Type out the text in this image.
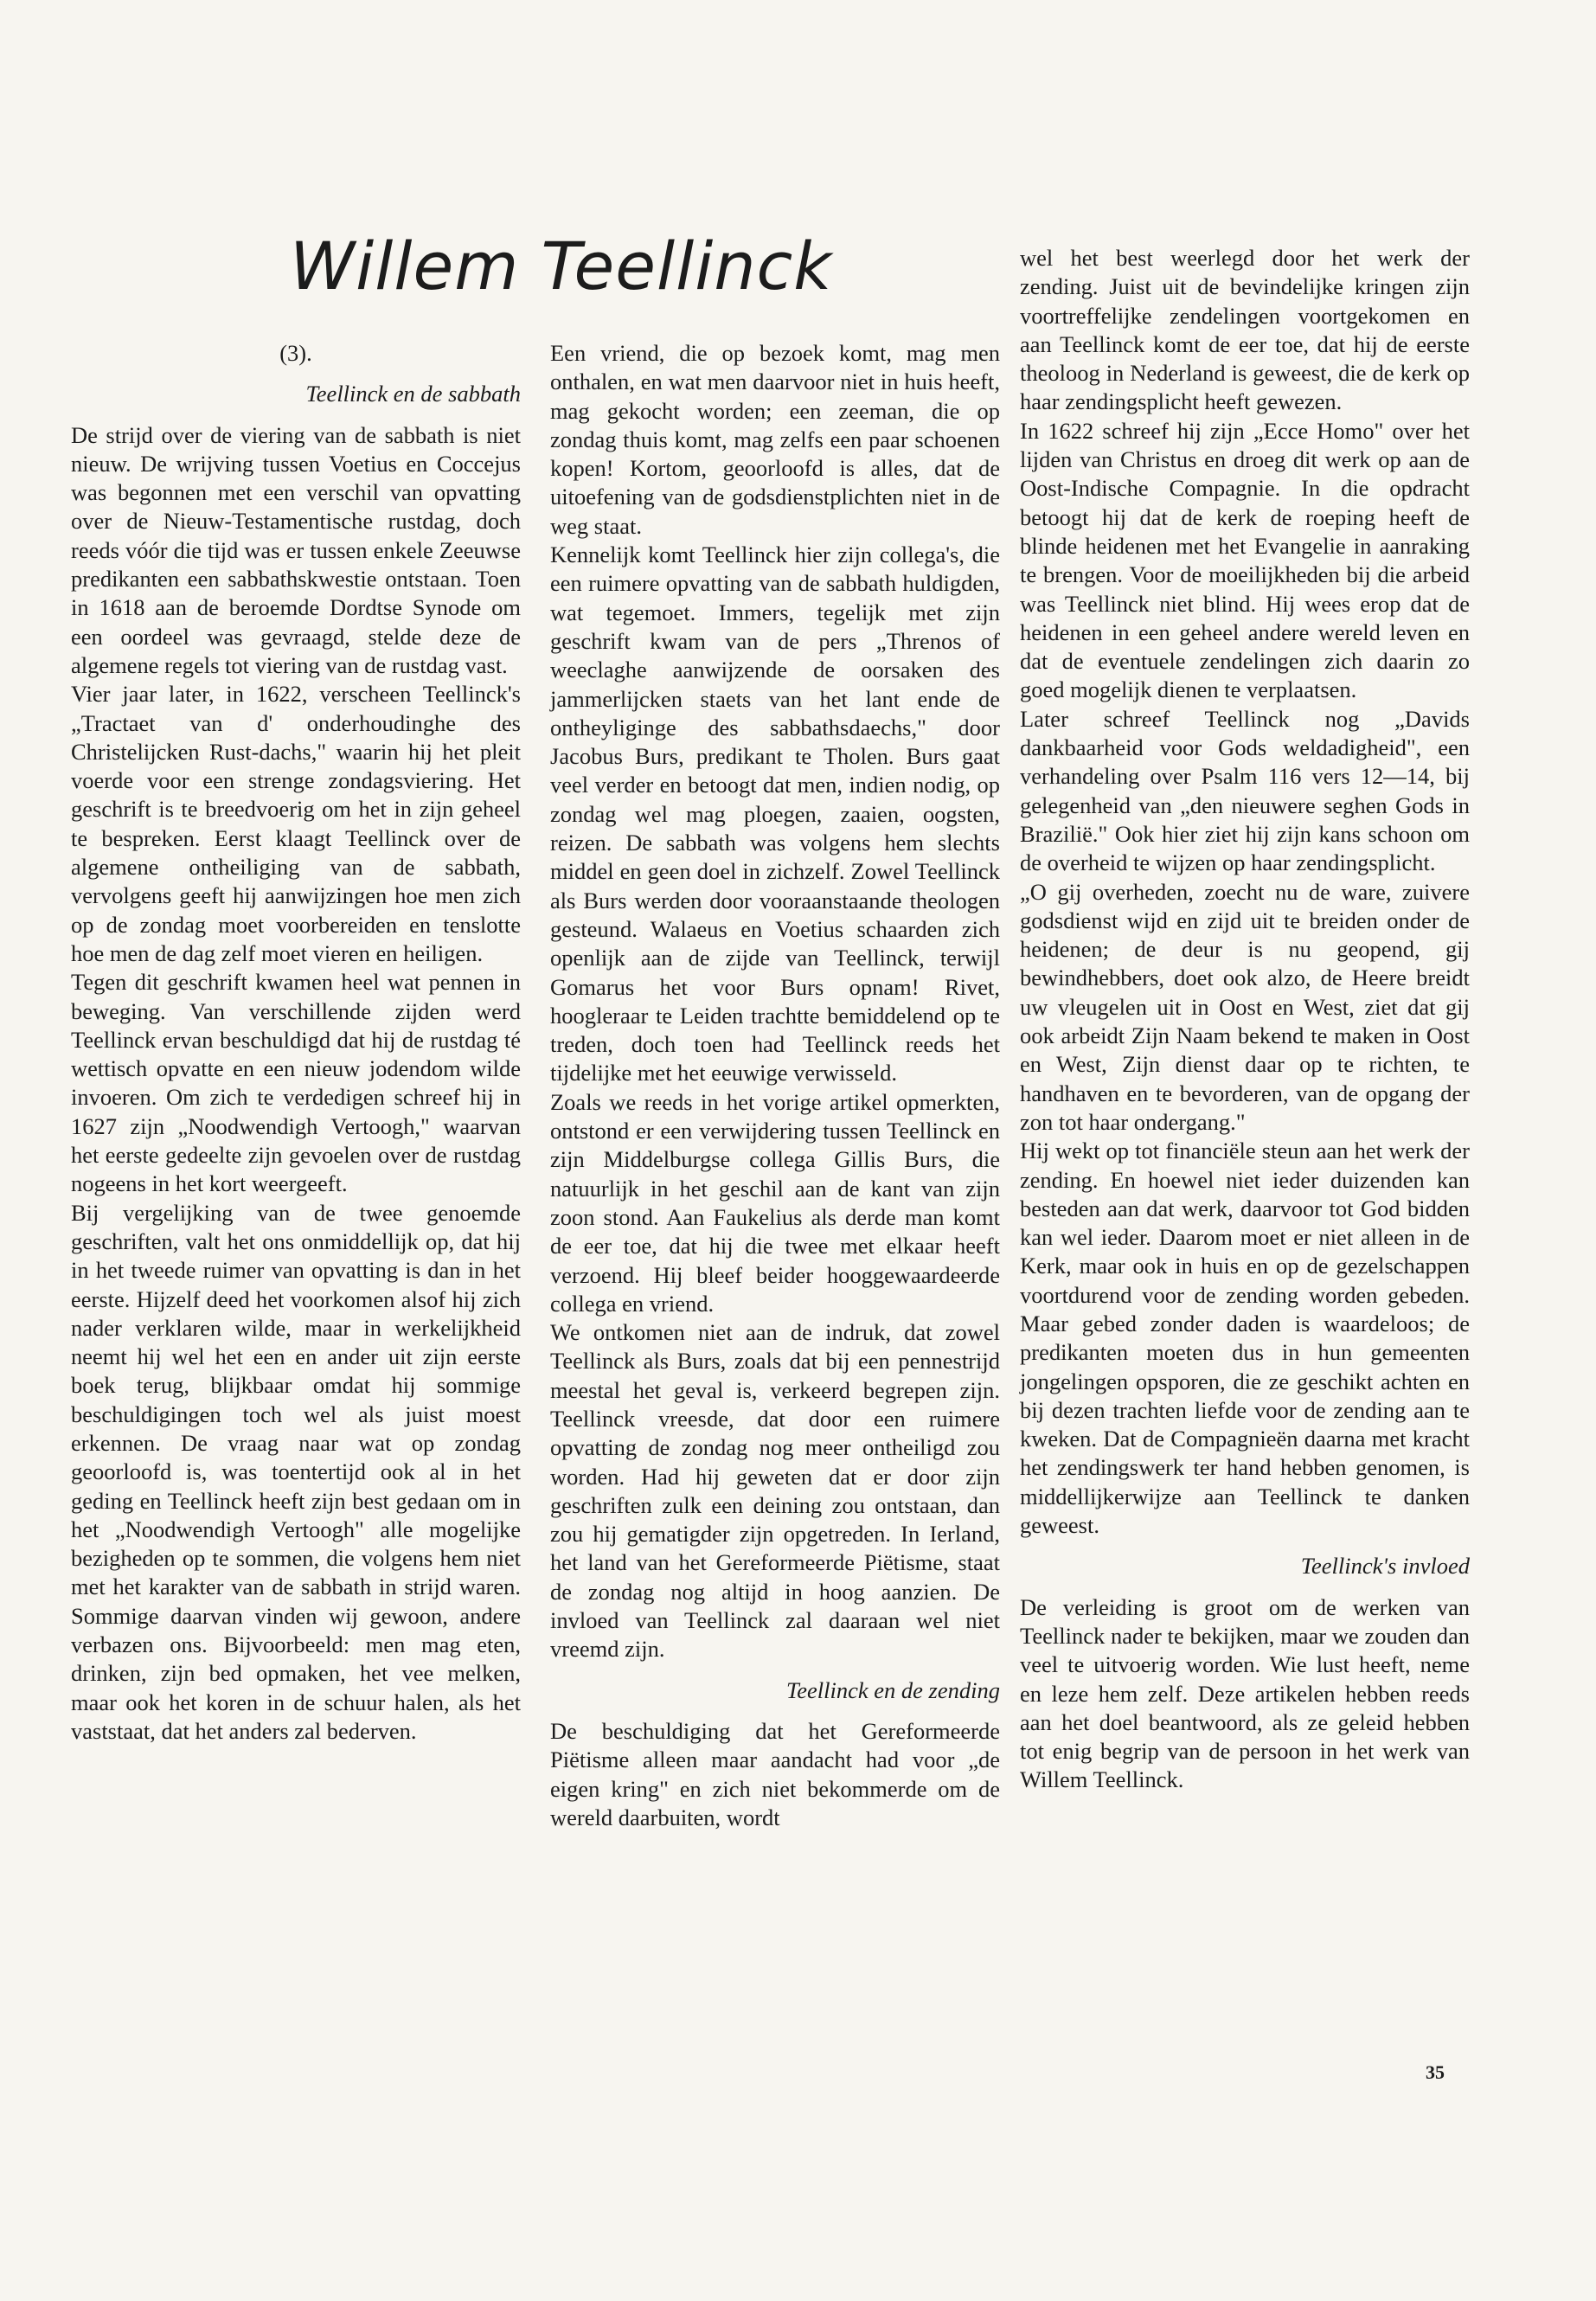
Willem Teellinck

(3).

Teellinck en de sabbath

De strijd over de viering van de sabbath is niet nieuw. De wrijving tussen Voetius en Coccejus was begonnen met een verschil van opvatting over de Nieuw-Testamentische rustdag, doch reeds vóór die tijd was er tussen enkele Zeeuwse predikanten een sabbathskwestie ontstaan. Toen in 1618 aan de beroemde Dordtse Synode om een oordeel was gevraagd, stelde deze de algemene regels tot viering van de rustdag vast.

Vier jaar later, in 1622, verscheen Teellinck's „Tractaet van d' onderhoudinghe des Christelijcken Rust-dachs," waarin hij het pleit voerde voor een strenge zondagsviering. Het geschrift is te breedvoerig om het in zijn geheel te bespreken. Eerst klaagt Teellinck over de algemene ontheiliging van de sabbath, vervolgens geeft hij aanwijzingen hoe men zich op de zondag moet voorbereiden en tenslotte hoe men de dag zelf moet vieren en heiligen.

Tegen dit geschrift kwamen heel wat pennen in beweging. Van verschillende zijden werd Teellinck ervan beschuldigd dat hij de rustdag té wettisch opvatte en een nieuw jodendom wilde invoeren. Om zich te verdedigen schreef hij in 1627 zijn „Noodwendigh Vertoogh," waarvan het eerste gedeelte zijn gevoelen over de rustdag nogeens in het kort weergeeft.

Bij vergelijking van de twee genoemde geschriften, valt het ons onmiddellijk op, dat hij in het tweede ruimer van opvatting is dan in het eerste. Hijzelf deed het voorkomen alsof hij zich nader verklaren wilde, maar in werkelijkheid neemt hij wel het een en ander uit zijn eerste boek terug, blijkbaar omdat hij sommige beschuldigingen toch wel als juist moest erkennen. De vraag naar wat op zondag geoorloofd is, was toentertijd ook al in het geding en Teellinck heeft zijn best gedaan om in het „Noodwendigh Vertoogh" alle mogelijke bezigheden op te sommen, die volgens hem niet met het karakter van de sabbath in strijd waren. Sommige daarvan vinden wij gewoon, andere verbazen ons. Bijvoorbeeld: men mag eten, drinken, zijn bed opmaken, het vee melken, maar ook het koren in de schuur halen, als het vaststaat, dat het anders zal bederven.

Een vriend, die op bezoek komt, mag men onthalen, en wat men daarvoor niet in huis heeft, mag gekocht worden; een zeeman, die op zondag thuis komt, mag zelfs een paar schoenen kopen! Kortom, geoorloofd is alles, dat de uitoefening van de godsdienstplichten niet in de weg staat.

Kennelijk komt Teellinck hier zijn collega's, die een ruimere opvatting van de sabbath huldigden, wat tegemoet. Immers, tegelijk met zijn geschrift kwam van de pers „Threnos of weeclaghe aanwijzende de oorsaken des jammerlijcken staets van het lant ende de ontheyliginge des sabbathsdaechs," door Jacobus Burs, predikant te Tholen. Burs gaat veel verder en betoogt dat men, indien nodig, op zondag wel mag ploegen, zaaien, oogsten, reizen. De sabbath was volgens hem slechts middel en geen doel in zichzelf. Zowel Teellinck als Burs werden door vooraanstaande theologen gesteund. Walaeus en Voetius schaarden zich openlijk aan de zijde van Teellinck, terwijl Gomarus het voor Burs opnam! Rivet, hoogleraar te Leiden trachtte bemiddelend op te treden, doch toen had Teellinck reeds het tijdelijke met het eeuwige verwisseld.

Zoals we reeds in het vorige artikel opmerkten, ontstond er een verwijdering tussen Teellinck en zijn Middelburgse collega Gillis Burs, die natuurlijk in het geschil aan de kant van zijn zoon stond. Aan Faukelius als derde man komt de eer toe, dat hij die twee met elkaar heeft verzoend. Hij bleef beider hooggewaardeerde collega en vriend.

We ontkomen niet aan de indruk, dat zowel Teellinck als Burs, zoals dat bij een pennestrijd meestal het geval is, verkeerd begrepen zijn. Teellinck vreesde, dat door een ruimere opvatting de zondag nog meer ontheiligd zou worden. Had hij geweten dat er door zijn geschriften zulk een deining zou ontstaan, dan zou hij gematigder zijn opgetreden. In Ierland, het land van het Gereformeerde Piëtisme, staat de zondag nog altijd in hoog aanzien. De invloed van Teellinck zal daaraan wel niet vreemd zijn.

Teellinck en de zending

De beschuldiging dat het Gereformeerde Piëtisme alleen maar aandacht had voor „de eigen kring" en zich niet bekommerde om de wereld daarbuiten, wordt

wel het best weerlegd door het werk der zending. Juist uit de bevindelijke kringen zijn voortreffelijke zendelingen voortgekomen en aan Teellinck komt de eer toe, dat hij de eerste theoloog in Nederland is geweest, die de kerk op haar zendingsplicht heeft gewezen.

In 1622 schreef hij zijn „Ecce Homo" over het lijden van Christus en droeg dit werk op aan de Oost-Indische Compagnie. In die opdracht betoogt hij dat de kerk de roeping heeft de blinde heidenen met het Evangelie in aanraking te brengen. Voor de moeilijkheden bij die arbeid was Teellinck niet blind. Hij wees erop dat de heidenen in een geheel andere wereld leven en dat de eventuele zendelingen zich daarin zo goed mogelijk dienen te verplaatsen.

Later schreef Teellinck nog „Davids dankbaarheid voor Gods weldadigheid", een verhandeling over Psalm 116 vers 12—14, bij gelegenheid van „den nieuwere seghen Gods in Brazilië." Ook hier ziet hij zijn kans schoon om de overheid te wijzen op haar zendingsplicht.

„O gij overheden, zoecht nu de ware, zuivere godsdienst wijd en zijd uit te breiden onder de heidenen; de deur is nu geopend, gij bewindhebbers, doet ook alzo, de Heere breidt uw vleugelen uit in Oost en West, ziet dat gij ook arbeidt Zijn Naam bekend te maken in Oost en West, Zijn dienst daar op te richten, te handhaven en te bevorderen, van de opgang der zon tot haar ondergang."

Hij wekt op tot financiële steun aan het werk der zending. En hoewel niet ieder duizenden kan besteden aan dat werk, daarvoor tot God bidden kan wel ieder. Daarom moet er niet alleen in de Kerk, maar ook in huis en op de gezelschappen voortdurend voor de zending worden gebeden. Maar gebed zonder daden is waardeloos; de predikanten moeten dus in hun gemeenten jongelingen opsporen, die ze geschikt achten en bij dezen trachten liefde voor de zending aan te kweken. Dat de Compagnieën daarna met kracht het zendingswerk ter hand hebben genomen, is middellijkerwijze aan Teellinck te danken geweest.

Teellinck's invloed

De verleiding is groot om de werken van Teellinck nader te bekijken, maar we zouden dan veel te uitvoerig worden. Wie lust heeft, neme en leze hem zelf. Deze artikelen hebben reeds aan het doel beantwoord, als ze geleid hebben tot enig begrip van de persoon in het werk van Willem Teellinck.

35
